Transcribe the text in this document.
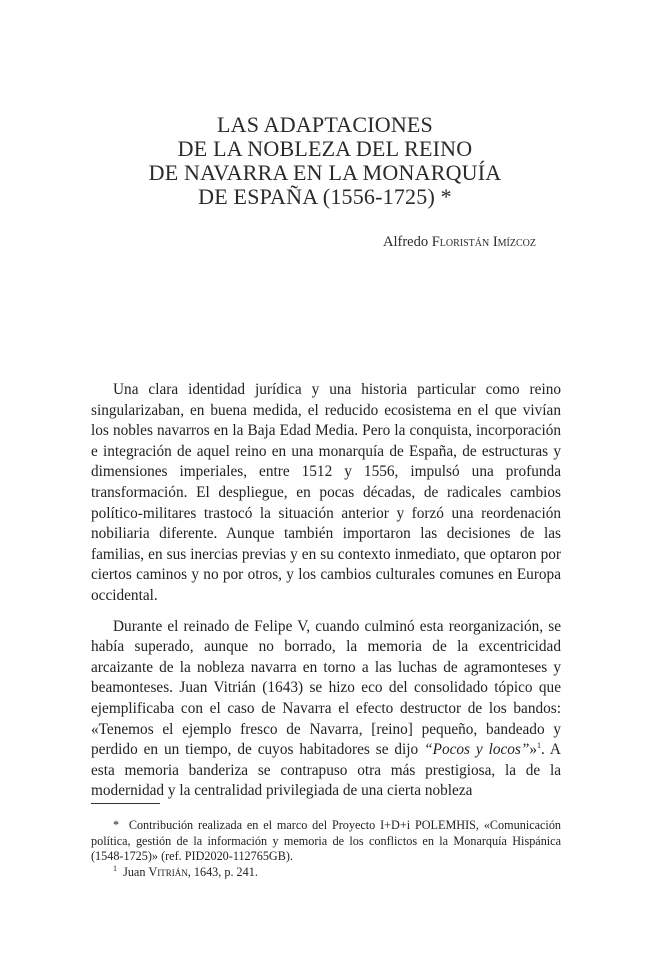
LAS ADAPTACIONES
DE LA NOBLEZA DEL REINO
DE NAVARRA EN LA MONARQUÍA
DE ESPAÑA (1556-1725) *
Alfredo Floristán Imízcoz

Una clara identidad jurídica y una historia particular como reino singularizaban, en buena medida, el reducido ecosistema en el que vivían los nobles navarros en la Baja Edad Media. Pero la conquista, incorporación e integración de aquel reino en una monarquía de España, de estructuras y dimensiones imperiales, entre 1512 y 1556, impulsó una profunda transformación. El despliegue, en pocas décadas, de radicales cambios político-militares trastocó la situación anterior y forzó una reordenación nobiliaria diferente. Aunque también importaron las decisiones de las familias, en sus inercias previas y en su contexto inmediato, que optaron por ciertos caminos y no por otros, y los cambios culturales comunes en Europa occidental.

Durante el reinado de Felipe V, cuando culminó esta reorganización, se había superado, aunque no borrado, la memoria de la excentricidad arcaizante de la nobleza navarra en torno a las luchas de agramonteses y beamonteses. Juan Vitrián (1643) se hizo eco del consolidado tópico que ejemplificaba con el caso de Navarra el efecto destructor de los bandos: «Tenemos el ejemplo fresco de Navarra, [reino] pequeño, bandeado y perdido en un tiempo, de cuyos habitadores se dijo “Pocos y locos”»$^1$. A esta memoria banderiza se contrapuso otra más prestigiosa, la de la modernidad y la centralidad privilegiada de una cierta nobleza

* Contribución realizada en el marco del Proyecto I+D+i POLEMHIS, «Comunicación política, gestión de la información y memoria de los conflictos en la Monarquía Hispánica (1548-1725)» (ref. PID2020-112765GB).

$^1$ Juan Vitrián, 1643, p. 241.
